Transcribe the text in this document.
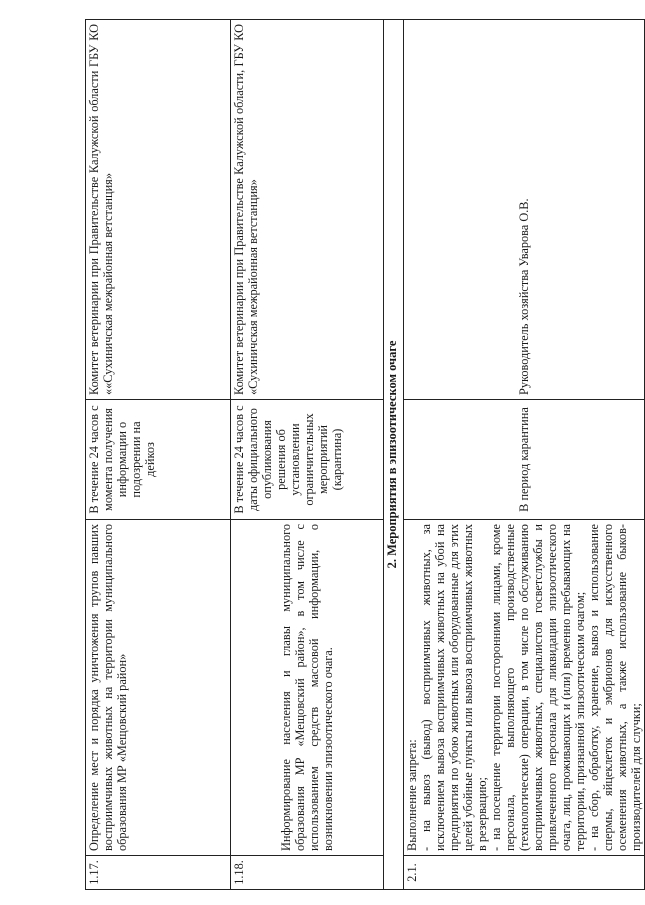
1.17.	Определение мест и порядка уничтожения трупов павших восприимчивых животных на территории муниципального образования МР «Мещовский район»	В течение 24 часов с момента получения информации о подозрении на дейкоз	Комитет ветеринарии при Правительстве Калужской области ГБУ КО ««Сухиничская межрайонная ветстанция»
1.18.	Информирование населения и главы муниципального образования МР «Мещовский район», в том числе с использованием средств массовой информации, о возникновении эпизоотического очага.	В течение 24 часов с даты официального опубликования решения об установлении ограничительных мероприятий (карантина)	Комитет ветеринарии при Правительстве Калужской области, ГБУ КО «Сухиничская межрайонная ветстанция»
2. Мероприятия в эпизоотическом очаге			
2.1.	Выполнение запрета: - на вывоз (вывод) восприимчивых животных, за исключением вывоза восприимчивых животных на убой на предприятия по убою животных или оборудованные для этих целей убойные пункты или вывоза восприимчивых животных в резервацию; - на посещение территории посторонними лицами, кроме персонала, выполняющего производственные (технологические) операции, в том числе по обслуживанию восприимчивых животных, специалистов госветслужбы и привлеченного персонала для ликвидации эпизоотического очага, лиц, проживающих и (или) временно пребывающих на территории, признанной эпизоотическим очагом; - на сбор, обработку, хранение, вывоз и использование спермы, яйцеклеток и эмбрионов для искусственного осеменения животных, а также использование быков-производителей для случки;	В период карантина	Руководитель хозяйства Уварова О.В.
